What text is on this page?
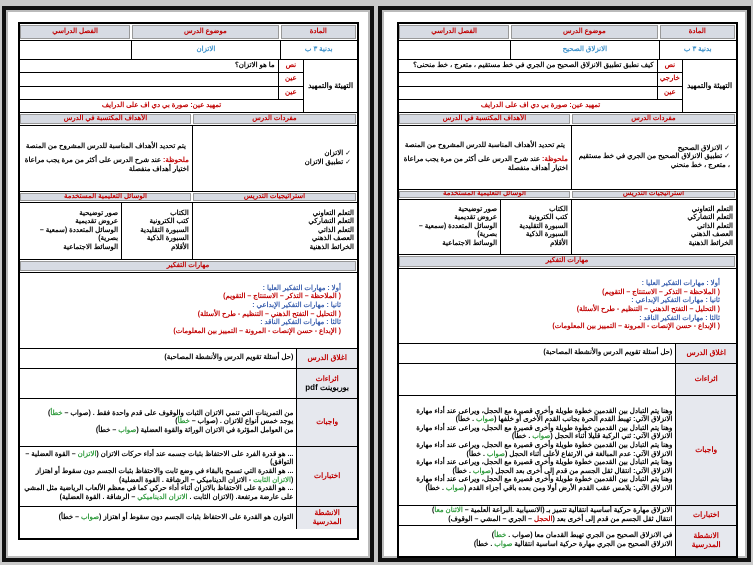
المادة
موضوع الدرس
الفصل الدراسي
بدنية ٣ ب
الاتزان
التهيئة والتمهيد
نص
ما هو الاتزان؟
عين
عين
تمهيد عين: صورة بي دي اف على الدرايف
مفردات الدرس
الأهداف المكتسبة في الدرس
✓ الاتزان
✓ تطبيق الاتزان
يتم تحديد الأهداف المناسبة للدرس المشروح من المنصة
ملحوظة: عند شرح الدرس على أكثر من مرة يجب مراعاة اختيار أهداف منفصلة
استراتيجيات التدريس
الوسائل التعليمية المستخدمة
التعلم التعاوني
التعلم التشاركي
التعلم الذاتي
العصف الذهني
الخرائط الذهنية
الكتاب
كتب الكترونية
السبورة التقليدية
السبورة الذكية
الأقلام
صور توضيحية
عروض تقديمية
الوسائل المتعددة (سمعية – بصرية)
الوسائط الاجتماعية
مهارات التفكير
أولا : مهارات التفكير العليا :
( الملاحظة – التذكر – الاستنتاج – التقويم)
ثانيا : مهارات التفكير الإبداعي :
( التحليل – التفتح الذهني – التنظيم - طرح الأسئلة)
ثالثا : مهارات التفكير الناقد :
( الإبداع - حسن الإنصات - المرونة – التمييز بين المعلومات)
اغلاق الدرس
(حل أسئلة تقويم الدرس والأنشطة المصاحبة)
اثراءات
بوربوينت pdf
واجبات
من التمرينات التي تنمي الاتزان الثبات والوقوف على قدم واحدة فقط . (صواب – خطأ)
يوجد خمس أنواع للاتزان . (صواب – خطأ)
من العوامل المؤثرة في الاتزان الوراثة والقوة العضلية (صواب – خطأ)
اختبارات
... هو قدرة الفرد على الاحتفاظ بثبات جسمه عند أداء حركات الاتزان (الاتزان – القوة العضلية – التوافق)
... هو القدرة التي تسمح بالبقاء في وضع ثابت والاحتفاظ بثبات الجسم دون سقوط أو اهتزاز (الاتزان الثابت - الاتزان الديناميكي – الرشاقة . القوة العضلية)
... هو القدرة على الاحتفاظ بالاتزان أثناء أداء حركي كما في معظم الألعاب الرياضية مثل المشي على عارضة مرتفعة. (الاتزان الثابت . الاتزان الديناميكي – الرشاقة . القوة العضلية)
الانشطة المدرسية
التوازن هو القدرة على الاحتفاظ بثبات الجسم دون سقوط أو اهتزاز (صواب – خطأ)
المادة
موضوع الدرس
الفصل الدراسي
بدنية ٣ ب
الانزلاق الصحيح
التهيئة والتمهيد
نص
كيف نطبق تطبيق الانزلاق الصحيح من الجري في خط مستقيم ، متعرج ، خط منحنى؟
خارجي
عين
تمهيد عين: صورة بي دي اف على الدرايف
مفردات الدرس
الأهداف المكتسبة في الدرس
✓ الانزلاق الصحيح
✓ تطبيق الانزلاق الصحيح من الجري في خط مستقيم ، متعرج ، خط منحني
يتم تحديد الأهداف المناسبة للدرس المشروح من المنصة
ملحوظة: عند شرح الدرس على أكثر من مرة يجب مراعاة اختيار أهداف منفصلة
استراتيجيات التدريس
الوسائل التعليمية المستخدمة
التعلم التعاوني
التعلم التشاركي
التعلم الذاتي
العصف الذهني
الخرائط الذهنية
الكتاب
كتب الكترونية
السبورة التقليدية
السبورة الذكية
الأقلام
صور توضيحية
عروض تقديمية
الوسائل المتعددة (سمعية – بصرية)
الوسائط الاجتماعية
مهارات التفكير
أولا : مهارات التفكير العليا :
( الملاحظة – التذكر – الاستنتاج – التقويم)
ثانيا : مهارات التفكير الإبداعي :
( التحليل – التفتح الذهني – التنظيم - طرح الأسئلة)
ثالثا : مهارات التفكير الناقد :
( الإبداع - حسن الإنصات - المرونة – التمييز بين المعلومات)
اغلاق الدرس
(حل أسئلة تقويم الدرس والأنشطة المصاحبة)
اثراءات
واجبات
وهنا يتم التبادل بين القدمين خطوة طويلة وأخرى قصيرة مع الحجل، ويراعى عند أداء مهارة الانزلاق الآتي: تهبط القدم الحرة بجانب القدم الأخرى أو خلفها (صواب . خطأ)
وهنا يتم التبادل بين القدمين خطوة طويلة وأخرى قصيرة مع الحجل، ويراعى عند أداء مهارة الانزلاق الآتي: ثني الركبة قليلا أثناء الحجل (صواب . خطأ)
وهنا يتم التبادل بين القدمين خطوة طويلة وأخرى قصيرة مع الحجل، ويراعى عند أداء مهارة الانزلاق الآتي: عدم المبالغة في الارتفاع لأعلى أثناء الحجل (صواب . خطأ)
وهنا يتم التبادل بين القدمين خطوة طويلة وأخرى قصيرة مع الحجل، ويراعى عند أداء مهارة الانزلاق الآتي: انتقال ثقل الجسم من قدم إلى أخرى بعد الحجل (صواب . خطأ)
وهنا يتم التبادل بين القدمين خطوة طويلة وأخرى قصيرة مع الحجل، ويراعى عند أداء مهارة الانزلاق الآتي: يلامس عقب القدم الأرض أولا ومن بعده باقي أجزاء القدم (صواب . خطأ)
اختبارات
الانزلاق مهارة حركية أساسية انتقالية تتميز بـ (الانسيابية .البراعة العلمية – الاثنان معا)
انتقال ثقل الجسم من قدم إلى أخرى بعد (الحجل – الجري – المشي – الوقوف)
الانشطة المدرسية
في الانزلاق الصحيح من الجري تهبط القدمان معا (صواب . خطأ)
الانزلاق الصحيح من الجري مهارة حركية اساسية انتقالية صواب . خطأ)
